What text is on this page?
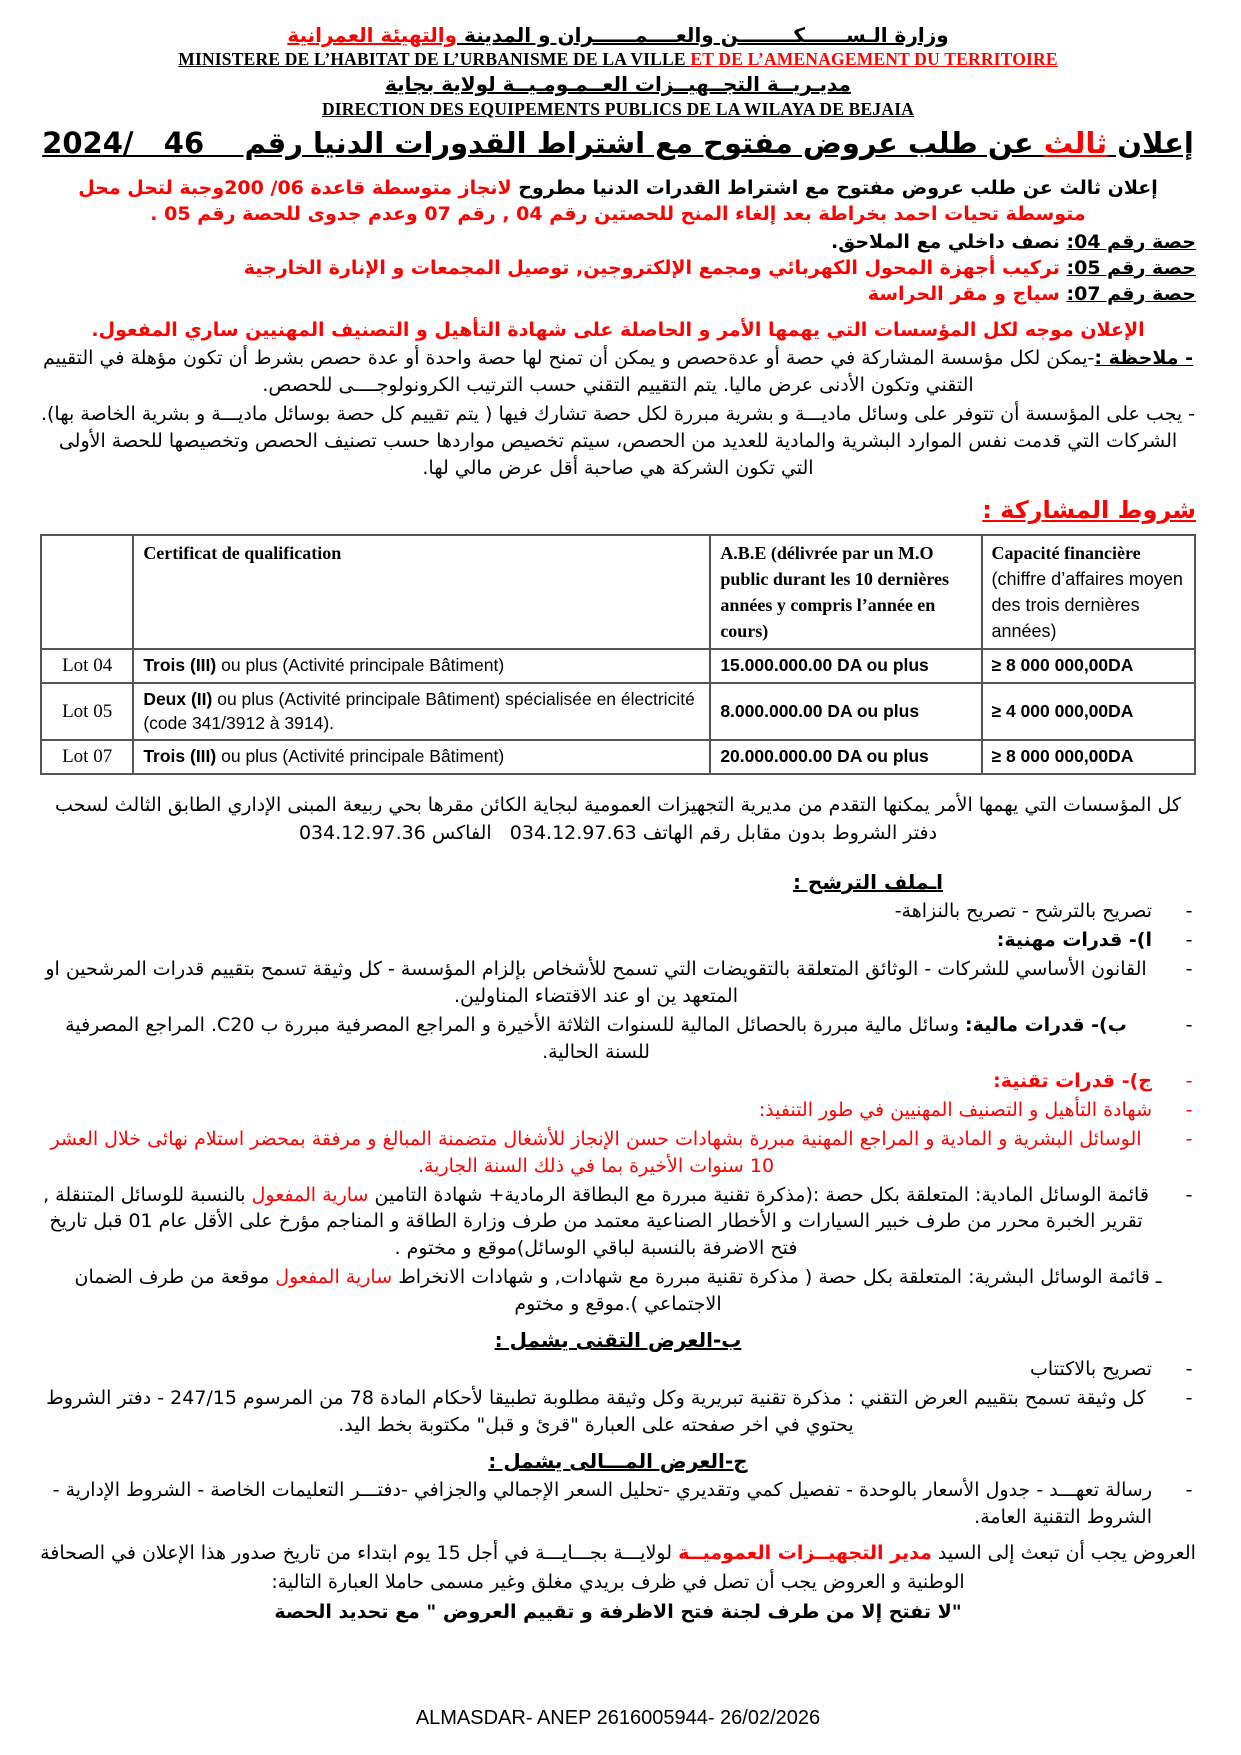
وزارة الـســــــكــــــــن والعــــمــــــران و المدينة والتهيئة العمرانية
MINISTERE DE L’HABITAT DE L’URBANISME DE LA VILLE ET DE L’AMENAGEMENT DU TERRITOIRE
مديـريــة التجــهيــزات العــمـومـيــة لولاية بجاية
DIRECTION DES EQUIPEMENTS PUBLICS DE LA WILAYA DE BEJAIA
إعلان ثالث عن طلب عروض مفتوح مع اشتراط القدورات الدنيا رقم    46   /2024
إعلان ثالث عن طلب عروض مفتوح مع اشتراط القدرات الدنيا مطروح لانجاز متوسطة قاعدة 06/ 200وجبة لتحل محل متوسطة تحيات احمد بخراطة بعد إلغاء المنح للحصتين رقم 04 , رقم 07 وعدم جدوى للحصة رقم 05 .
حصة رقم 04: نصف داخلي مع الملاحق.
حصة رقم 05: تركيب أجهزة المحول الكهربائي ومجمع الإلكتروجين, توصيل المجمعات و الإنارة الخارجية
حصة رقم 07: سياج و مقر الحراسة
الإعلان موجه لكل المؤسسات التي يهمها الأمر و الحاصلة على شهادة التأهيل و التصنيف المهنيين ساري المفعول.
- ملاحظة :-يمكن لكل مؤسسة المشاركة في حصة أو عدةحصص و يمكن أن تمنح لها حصة واحدة أو عدة حصص بشرط أن تكون مؤهلة في التقييم التقني وتكون الأدنى عرض ماليا. يتم التقييم التقني حسب الترتيب الكرونولوجــــى للحصص.
- يجب على المؤسسة أن تتوفر على وسائل ماديـــة و بشرية مبررة لكل حصة تشارك فيها ( يتم تقييم كل حصة بوسائل ماديـــة و بشرية الخاصة بها). الشركات التي قدمت نفس الموارد البشرية والمادية للعديد من الحصص، سيتم تخصيص مواردها حسب تصنيف الحصص وتخصيصها للحصة الأولى التي تكون الشركة هي صاحبة أقل عرض مالي لها.
شروط المشاركة :
	Certificat de qualification	A.B.E (délivrée par un M.O public durant les 10 dernières années y compris l’année en cours)	Capacité financière (chiffre d’affaires moyen des trois dernières années)
Lot 04	Trois (III) ou plus (Activité principale Bâtiment)	15.000.000.00 DA ou plus	≥ 8 000 000,00DA
Lot 05	Deux (II) ou plus (Activité principale Bâtiment) spécialisée en électricité (code 341/3912 à 3914).	8.000.000.00 DA ou plus	≥ 4 000 000,00DA
Lot 07	Trois (III) ou plus (Activité principale Bâtiment)	20.000.000.00 DA ou plus	≥ 8 000 000,00DA
كل المؤسسات التي يهمها الأمر يمكنها التقدم من مديرية التجهيزات العمومية لبجاية الكائن مقرها بحي ربيعة المبنى الإداري الطابق الثالث لسحب دفتر الشروط بدون مقابل رقم الهاتف 034.12.97.63   الفاكس 034.12.97.36
اـملف الترشح :
-
تصريح بالترشح - تصريح بالنزاهة-
-
ا)- قدرات مهنية:
-
القانون الأساسي للشركات - الوثائق المتعلقة بالتقويضات التي تسمح للأشخاص بإلزام المؤسسة - كل وثيقة تسمح بتقييم قدرات المرشحين او المتعهد ين او عند الاقتضاء المناولين.
-
ب)- قدرات مالية: وسائل مالية مبررة بالحصائل المالية للسنوات الثلاثة الأخيرة و المراجع المصرفية مبررة ب C20. المراجع المصرفية للسنة الحالية.
-
ج)- قدرات تقنية:
-
شهادة التأهيل و التصنيف المهنيين في طور التنفيذ:
-
الوسائل البشرية و المادية و المراجع المهنية مبررة بشهادات حسن الإنجاز للأشغال متضمنة المبالغ و مرفقة بمحضر استلام نهائى خلال العشر 10 سنوات الأخيرة بما في ذلك السنة الجارية.
-
قائمة الوسائل المادية: المتعلقة بكل حصة :(مذكرة تقنية مبررة مع البطاقة الرمادية+ شهادة التامين سارية المفعول بالنسبة للوسائل المتنقلة , تقرير الخبرة محرر من طرف خبير السيارات و الأخطار الصناعية معتمد من طرف وزارة الطاقة و المناجم مؤرخ على الأقل عام 01 قبل تاريخ فتح الاضرفة بالنسبة لباقي الوسائل)موقع و مختوم .
ـ قائمة الوسائل البشرية: المتعلقة بكل حصة ( مذكرة تقنية مبررة مع شهادات, و شهادات الانخراط سارية المفعول موقعة من طرف الضمان الاجتماعي ).موقع و مختوم
ب-العرض التقنى يشمل :
-
تصريح بالاكتتاب
-
كل وثيقة تسمح بتقييم العرض التقني : مذكرة تقنية تبريرية وكل وثيقة مطلوبة تطبيقا لأحكام المادة 78 من المرسوم 247/15 - دفتر الشروط يحتوي في اخر صفحته على العبارة "قرئ و قبل" مكتوبة بخط اليد.
ج-العرض المـــالى يشمل :
-
رسالة تعهـــد - جدول الأسعار بالوحدة - تفصيل كمي وتقديري -تحليل السعر الإجمالي والجزافي -دفتـــر التعليمات الخاصة - الشروط الإدارية - الشروط التقنية العامة.
العروض يجب أن تبعث إلى السيد مدير التجهيــزات العموميــة لولايـــة بجـــايـــة في أجل 15 يوم ابتداء من تاريخ صدور هذا الإعلان في الصحافة الوطنية و العروض يجب أن تصل في ظرف بريدي مغلق وغير مسمى حاملا العبارة التالية:
"لا تفتح إلا من طرف لجنة فتح الاظرفة و تقييم العروض " مع تحديد الحصة
ALMASDAR- ANEP 2616005944- 26/02/2026
